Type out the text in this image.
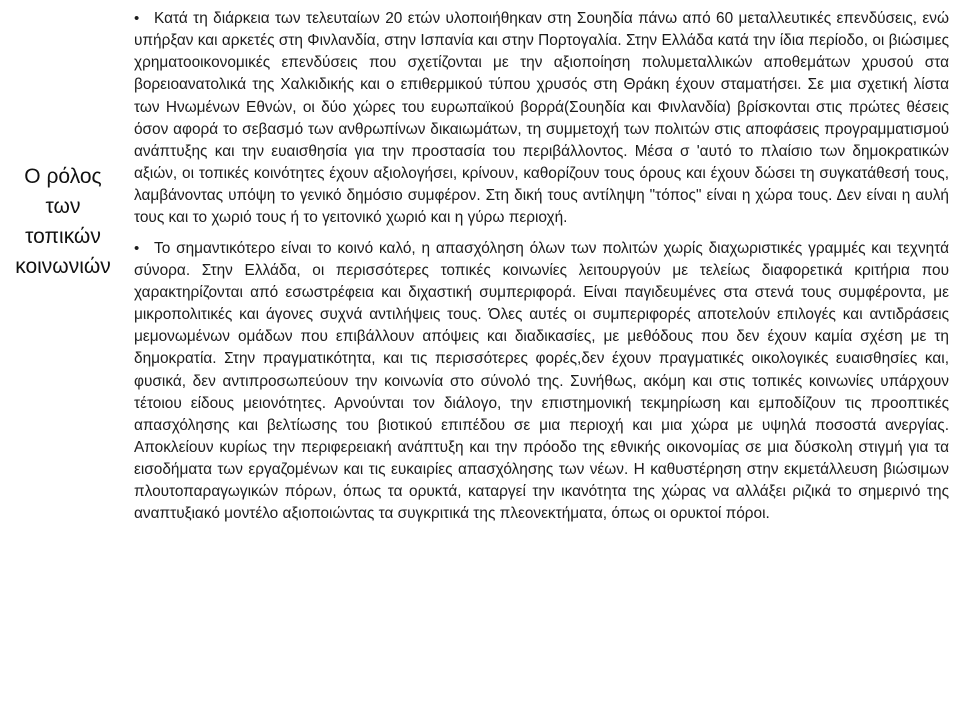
Ο ρόλος
των
τοπικών
κοινωνιών

• Κατά τη διάρκεια των τελευταίων 20 ετών υλοποιήθηκαν στη Σουηδία πάνω από 60 μεταλλευτικές επενδύσεις, ενώ υπήρξαν και αρκετές στη Φινλανδία, στην Ισπανία και στην Πορτογαλία. Στην Ελλάδα κατά την ίδια περίοδο, οι βιώσιμες χρηματοοικονομικές επενδύσεις που σχετίζονται με την αξιοποίηση πολυμεταλλικών αποθεμάτων χρυσού στα βορειοανατολικά της Χαλκιδικής και ο επιθερμικού τύπου χρυσός στη Θράκη έχουν σταματήσει. Σε μια σχετική λίστα των Ηνωμένων Εθνών, οι δύο χώρες του ευρωπαϊκού βορρά(Σουηδία και Φινλανδία) βρίσκονται στις πρώτες θέσεις όσον αφορά το σεβασμό των ανθρωπίνων δικαιωμάτων, τη συμμετοχή των πολιτών στις αποφάσεις προγραμματισμού ανάπτυξης και την ευαισθησία για την προστασία του περιβάλλοντος. Μέσα σ 'αυτό το πλαίσιο των δημοκρατικών αξιών, οι τοπικές κοινότητες έχουν αξιολογήσει, κρίνουν, καθορίζουν τους όρους και έχουν δώσει τη συγκατάθεσή τους, λαμβάνοντας υπόψη το γενικό δημόσιο συμφέρον. Στη δική τους αντίληψη "τόπος" είναι η χώρα τους. Δεν είναι η αυλή τους και το χωριό τους ή το γειτονικό χωριό και η γύρω περιοχή.

• Το σημαντικότερο είναι το κοινό καλό, η απασχόληση όλων των πολιτών χωρίς διαχωριστικές γραμμές και τεχνητά σύνορα. Στην Ελλάδα, οι περισσότερες τοπικές κοινωνίες λειτουργούν με τελείως διαφορετικά κριτήρια που χαρακτηρίζονται από εσωστρέφεια και διχαστική συμπεριφορά. Είναι παγιδευμένες στα στενά τους συμφέροντα, με μικροπολιτικές και άγονες συχνά αντιλήψεις τους. Όλες αυτές οι συμπεριφορές αποτελούν επιλογές και αντιδράσεις μεμονωμένων ομάδων που επιβάλλουν απόψεις και διαδικασίες, με μεθόδους που δεν έχουν καμία σχέση με τη δημοκρατία. Στην πραγματικότητα, και τις περισσότερες φορές,δεν έχουν πραγματικές οικολογικές ευαισθησίες και, φυσικά, δεν αντιπροσωπεύουν την κοινωνία στο σύνολό της. Συνήθως, ακόμη και στις τοπικές κοινωνίες υπάρχουν τέτοιου είδους μειονότητες. Αρνούνται τον διάλογο, την επιστημονική τεκμηρίωση και εμποδίζουν τις προοπτικές απασχόλησης και βελτίωσης του βιοτικού επιπέδου σε μια περιοχή και μια χώρα με υψηλά ποσοστά ανεργίας. Αποκλείουν κυρίως την περιφερειακή ανάπτυξη και την πρόοδο της εθνικής οικονομίας σε μια δύσκολη στιγμή για τα εισοδήματα των εργαζομένων και τις ευκαιρίες απασχόλησης των νέων. Η καθυστέρηση στην εκμετάλλευση βιώσιμων πλουτοπαραγωγικών πόρων, όπως τα ορυκτά, καταργεί την ικανότητα της χώρας να αλλάξει ριζικά το σημερινό της αναπτυξιακό μοντέλο αξιοποιώντας τα συγκριτικά της πλεονεκτήματα, όπως οι ορυκτοί πόροι.
